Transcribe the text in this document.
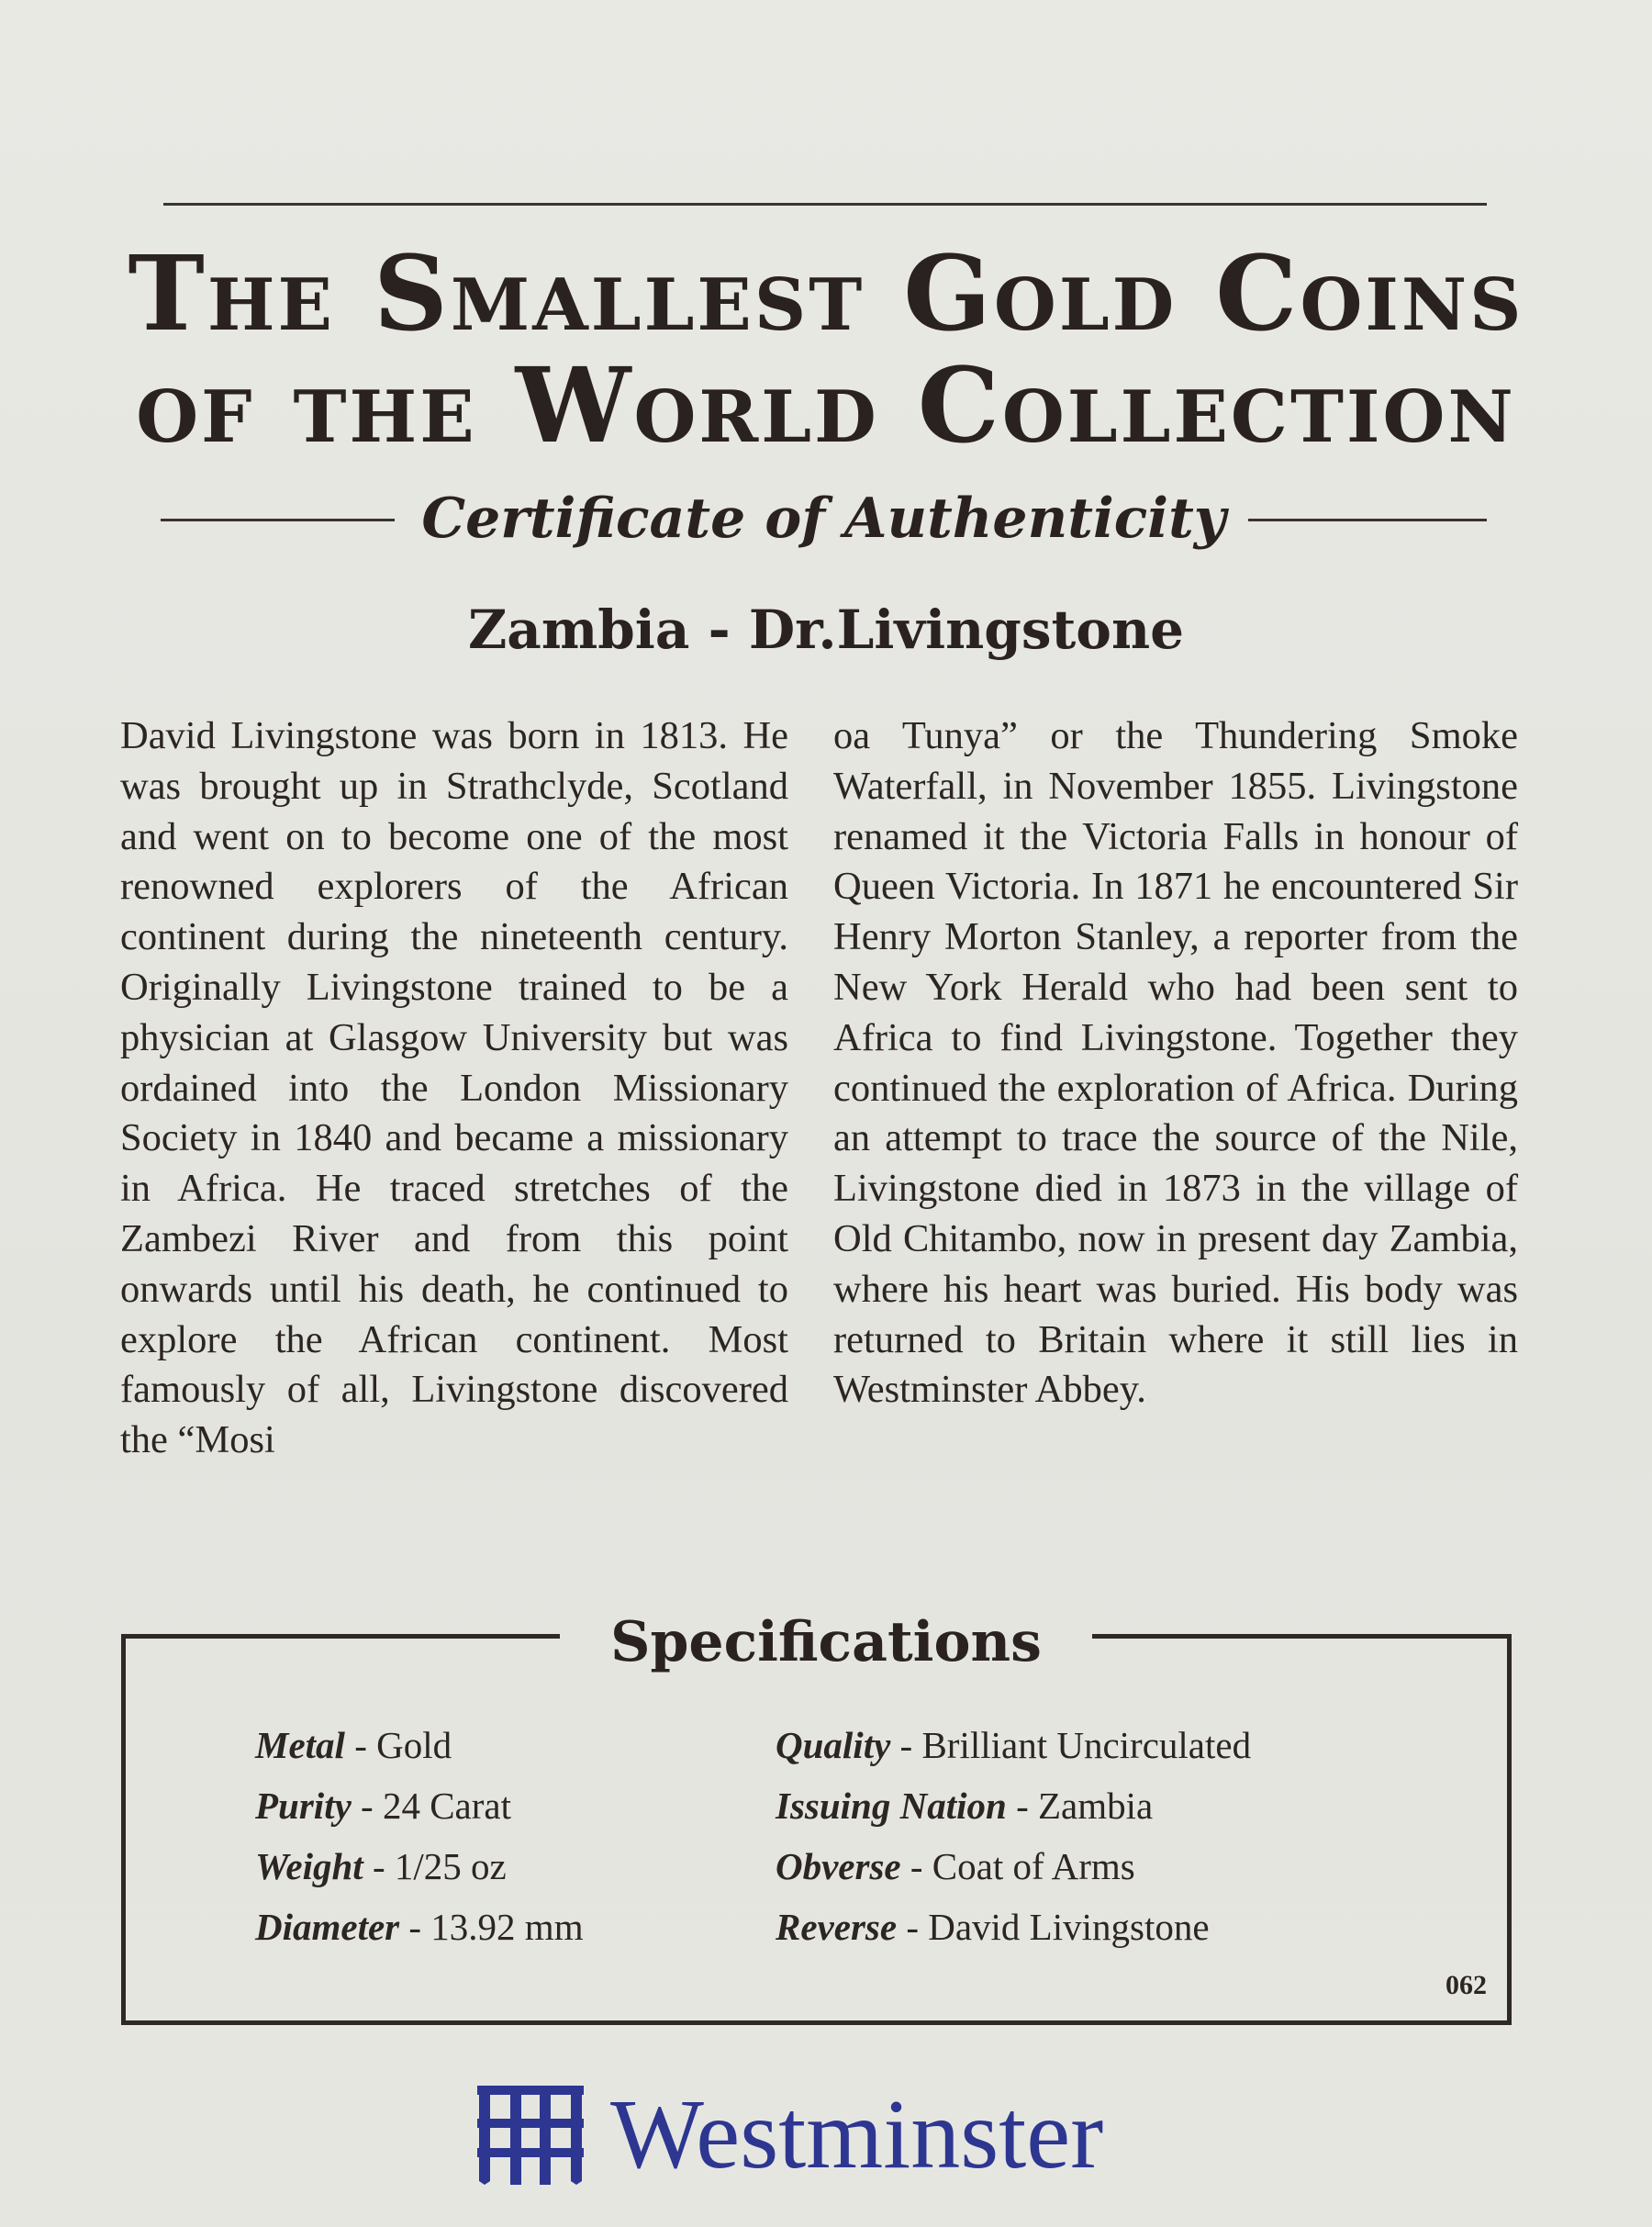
The Smallest Gold Coins
of the World Collection
Certificate of Authenticity
Zambia - Dr.Livingstone
David Livingstone was born in 1813. He was brought up in Strathclyde, Scotland and went on to become one of the most renowned explorers of the African continent during the nineteenth century. Originally Livingstone trained to be a physician at Glasgow University but was ordained into the London Missionary Society in 1840 and became a missionary in Africa. He traced stretches of the Zambezi River and from this point onwards until his death, he continued to explore the African continent. Most famously of all, Livingstone discovered the “Mosi
oa Tunya” or the Thundering Smoke Waterfall, in November 1855. Livingstone renamed it the Victoria Falls in honour of Queen Victoria. In 1871 he encountered Sir Henry Morton Stanley, a reporter from the New York Herald who had been sent to Africa to find Livingstone. Together they continued the exploration of Africa. During an attempt to trace the source of the Nile, Livingstone died in 1873 in the village of Old Chitambo, now in present day Zambia, where his heart was buried. His body was returned to Britain where it still lies in Westminster Abbey.
Specifications
Metal - Gold
Purity - 24 Carat
Weight - 1/25 oz
Diameter - 13.92 mm
Quality - Brilliant Uncirculated
Issuing Nation - Zambia
Obverse - Coat of Arms
Reverse - David Livingstone
062
Westminster
